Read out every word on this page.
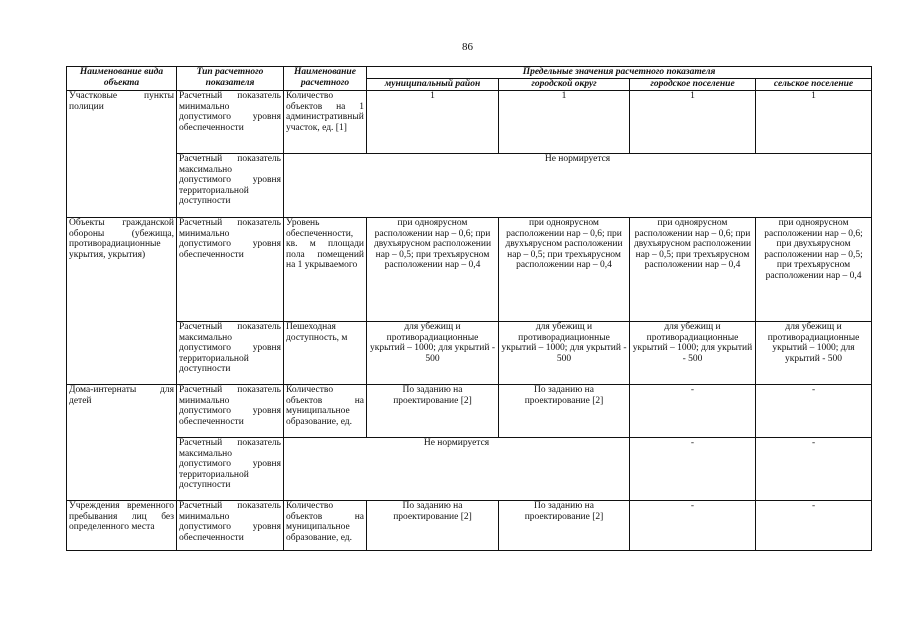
86
Наименование вида объекта	Тип расчетного показателя	Наименование расчетного	Предельные значения расчетного показателя			
			муниципальный район	городской округ	городское поселение	сельское поселение
Участковые пункты полиции	Расчетный показатель минимально допустимого уровня обеспеченности	Количество объектов на 1 административный участок, ед. [1]	1	1	1	1
	Расчетный показатель максимально допустимого уровня территориальной доступности	Не нормируется				
Объекты гражданской обороны (убежища, противорадиационные укрытия, укрытия)	Расчетный показатель минимально допустимого уровня обеспеченности	Уровень обеспеченности, кв. м площади пола помещений на 1 укрываемого	при одноярусном расположении нар – 0,6; при двухъярусном расположении нар – 0,5; при трехъярусном расположении нар – 0,4	при одноярусном расположении нар – 0,6; при двухъярусном расположении нар – 0,5; при трехъярусном расположении нар – 0,4	при одноярусном расположении нар – 0,6; при двухъярусном расположении нар – 0,5; при трехъярусном расположении нар – 0,4	при одноярусном расположении нар – 0,6; при двухъярусном расположении нар – 0,5; при трехъярусном расположении нар – 0,4
	Расчетный показатель максимально допустимого уровня территориальной доступности	Пешеходная доступность, м	для убежищ и противорадиационные укрытий – 1000; для укрытий - 500	для убежищ и противорадиационные укрытий – 1000; для укрытий - 500	для убежищ и противорадиационные укрытий – 1000; для укрытий - 500	для убежищ и противорадиационные укрытий – 1000; для укрытий - 500
Дома-интернаты для детей	Расчетный показатель минимально допустимого уровня обеспеченности	Количество объектов на муниципальное образование, ед.	По заданию на проектирование [2]	По заданию на проектирование [2]	-	-
	Расчетный показатель максимально допустимого уровня территориальной доступности	Не нормируется			-	-
Учреждения временного пребывания лиц без определенного места	Расчетный показатель минимально допустимого уровня обеспеченности	Количество объектов на муниципальное образование, ед.	По заданию на проектирование [2]	По заданию на проектирование [2]	-	-
